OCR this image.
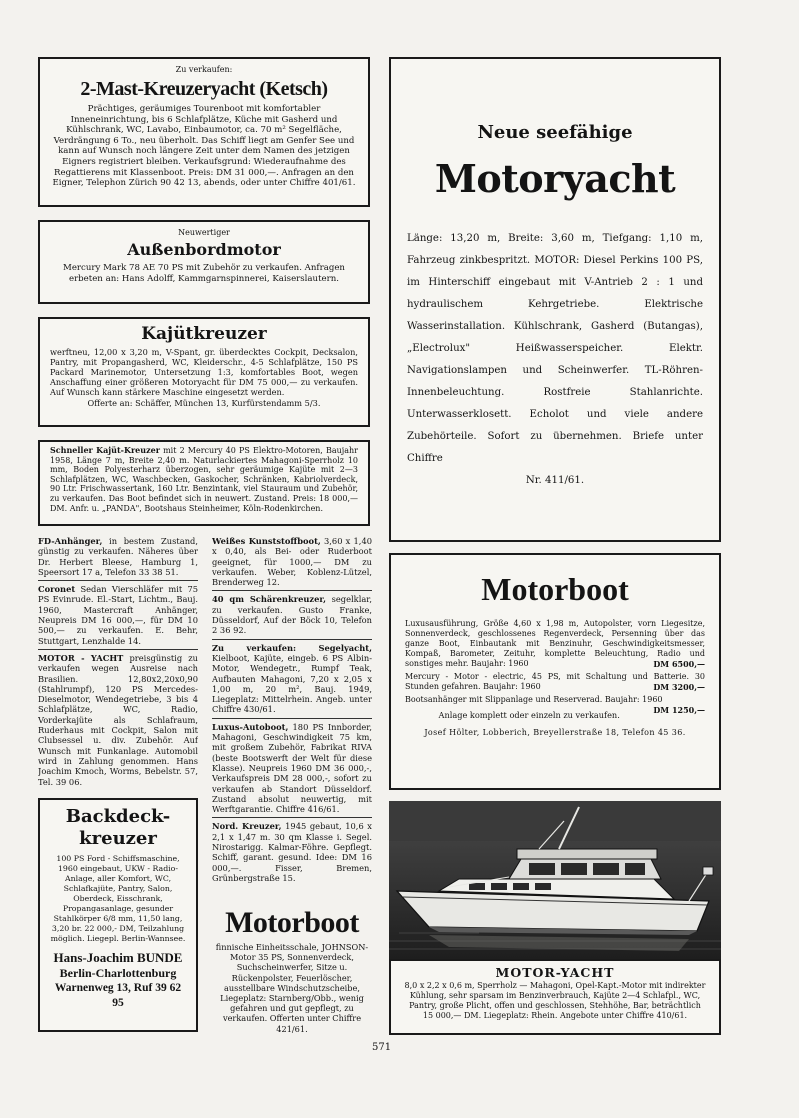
Zu verkaufen:
2-Mast-Kreuzeryacht (Ketsch)
Prächtiges, geräumiges Tourenboot mit komfortabler Inneneinrichtung, bis 6 Schlafplätze, Küche mit Gasherd und Kühlschrank, WC, Lavabo, Einbaumotor, ca. 70 m² Segelfläche, Verdrängung 6 To., neu überholt. Das Schiff liegt am Genfer See und kann auf Wunsch noch längere Zeit unter dem Namen des jetzigen Eigners registriert bleiben. Verkaufsgrund: Wiederaufnahme des Regattierens mit Klassenboot. Preis: DM 31 000,—. Anfragen an den Eigner, Telephon Zürich 90 42 13, abends, oder unter Chiffre 401/61.
Neuwertiger
Außenbordmotor
Mercury Mark 78 AE 70 PS mit Zubehör zu verkaufen. Anfragen erbeten an: Hans Adolff, Kammgarnspinnerei, Kaiserslautern.
Kajütkreuzer
werftneu, 12,00 x 3,20 m, V-Spant, gr. überdecktes Cockpit, Decksalon, Pantry, mit Propangasherd, WC, Kleiderschr., 4-5 Schlafplätze, 150 PS Packard Marinemotor, Untersetzung 1:3, komfortables Boot, wegen Anschaffung einer größeren Motoryacht für DM 75 000,— zu verkaufen. Auf Wunsch kann stärkere Maschine eingesetzt werden.
Offerte an: Schäffer, München 13, Kurfürstendamm 5/3.

Schneller Kajüt-Kreuzer mit 2 Mercury 40 PS Elektro-Motoren, Baujahr 1958, Länge 7 m, Breite 2,40 m. Naturlackiertes Mahagoni-Sperrholz 10 mm, Boden Polyesterharz überzogen, sehr geräumige Kajüte mit 2—3 Schlafplätzen, WC, Waschbecken, Gaskocher, Schränken, Kabriolverdeck, 90 Ltr. Frischwassertank, 160 Ltr. Benzintank, viel Stauraum und Zubehör, zu verkaufen. Das Boot befindet sich in neuwert. Zustand. Preis: 18 000,— DM. Anfr. u. „PANDA", Bootshaus Steinheimer, Köln-Rodenkirchen.

FD-Anhänger, in bestem Zustand, günstig zu verkaufen. Näheres über Dr. Herbert Bleese, Hamburg 1, Speersort 17 a, Telefon 33 38 51.

Coronet Sedan Vierschläfer mit 75 PS Evinrude. El.-Start, Lichtm., Bauj. 1960, Mastercraft Anhänger, Neupreis DM 16 000,—, für DM 10 500,— zu verkaufen. E. Behr, Stuttgart, Lenzhalde 14.

MOTOR - YACHT preisgünstig zu verkaufen wegen Ausreise nach Brasilien. 12,80x2,20x0,90 (Stahlrumpf), 120 PS Mercedes-Dieselmotor, Wendegetriebe, 3 bis 4 Schlafplätze, WC, Radio, Vorderkajüte als Schlafraum, Ruderhaus mit Cockpit, Salon mit Clubsessel u. div. Zubehör. Auf Wunsch mit Funkanlage. Automobil wird in Zahlung genommen. Hans Joachim Kmoch, Worms, Bebelstr. 57, Tel. 39 06.

Backdeck-
kreuzer
100 PS Ford - Schiffsmaschine, 1960 eingebaut, UKW - Radio-Anlage, aller Komfort, WC, Schlafkajüte, Pantry, Salon, Oberdeck, Eisschrank, Propangasanlage, gesunder Stahlkörper 6/8 mm, 11,50 lang, 3,20 br. 22 000,- DM, Teilzahlung möglich. Liegepl. Berlin-Wannsee.
Hans-Joachim BUNDE
Berlin-Charlottenburg
Warnenweg 13, Ruf 39 62 95

Weißes Kunststoffboot, 3,60 x 1,40 x 0,40, als Bei- oder Ruderboot geeignet, für 1000,— DM zu verkaufen. Weber, Koblenz-Lützel, Brenderweg 12.

40 qm Schärenkreuzer, segelklar, zu verkaufen. Gusto Franke, Düsseldorf, Auf der Böck 10, Telefon 2 36 92.

Zu verkaufen: Segelyacht, Kielboot, Kajüte, eingeb. 6 PS Albin-Motor, Wendegetr., Rumpf Teak, Aufbauten Mahagoni, 7,20 x 2,05 x 1,00 m, 20 m², Bauj. 1949, Liegeplatz: Mittelrhein. Angeb. unter Chiffre 430/61.

Luxus-Autoboot, 180 PS Innborder, Mahagoni, Geschwindigkeit 75 km, mit großem Zubehör, Fabrikat RIVA (beste Bootswerft der Welt für diese Klasse). Neupreis 1960 DM 36 000,-, Verkaufspreis DM 28 000,-, sofort zu verkaufen ab Standort Düsseldorf. Zustand absolut neuwertig, mit Werftgarantie. Chiffre 416/61.

Nord. Kreuzer, 1945 gebaut, 10,6 x 2,1 x 1,47 m. 30 qm Klasse i. Segel. Nirostarigg. Kalmar-Föhre. Gepflegt. Schiff, garant. gesund. Idee: DM 16 000,—. Fisser, Bremen, Grünbergstraße 15.

Motorboot

finnische Einheitsschale, JOHNSON-Motor 35 PS, Sonnenverdeck, Suchscheinwerfer, Sitze u. Rückenpolster, Feuerlöscher, ausstellbare Windschutzscheibe, Liegeplatz: Starnberg/Obb., wenig gefahren und gut gepflegt, zu verkaufen. Offerten unter Chiffre 421/61.

Neue seefähige
Motoryacht
Länge: 13,20 m, Breite: 3,60 m, Tiefgang: 1,10 m, Fahrzeug zinkbespritzt. MOTOR: Diesel Perkins 100 PS, im Hinterschiff eingebaut mit V-Antrieb 2 : 1 und hydraulischem Kehrgetriebe. Elektrische Wasserinstallation. Kühlschrank, Gasherd (Butangas), „Electrolux" Heißwasserspeicher. Elektr. Navigationslampen und Scheinwerfer. TL-Röhren-Innenbeleuchtung. Rostfreie Stahlanrichte. Unterwasserklosett. Echolot und viele andere Zubehörteile. Sofort zu übernehmen. Briefe unter Chiffre
Nr. 411/61.
Motorboot

Luxusausführung, Größe 4,60 x 1,98 m, Autopolster, vorn Liegesitze, Sonnenverdeck, geschlossenes Regenverdeck, Persenning über das ganze Boot, Einbautank mit Benzinuhr, Geschwindigkeitsmesser, Kompaß, Barometer, Zeituhr, komplette Beleuchtung, Radio und sonstiges mehr. Baujahr: 1960	DM 6500,—

Mercury - Motor - electric, 45 PS, mit Schaltung und Batterie. 30 Stunden gefahren. Baujahr: 1960	DM 3200,—

Bootsanhänger mit Slippanlage und Reserverad. Baujahr: 1960
DM 1250,—

Anlage komplett oder einzeln zu verkaufen.
Josef Hölter, Lobberich, Breyellerstraße 18, Telefon 45 36.
MOTOR-YACHT

8,0 x 2,2 x 0,6 m, Sperrholz — Mahagoni, Opel-Kapt.-Motor mit indirekter Kühlung, sehr sparsam im Benzinverbrauch, Kajüte 2—4 Schlafpl., WC, Pantry, große Plicht, offen und geschlossen, Stehhöhe, Bar, beträchtlich 15 000,— DM. Liegeplatz: Rhein. Angebote unter Chiffre 410/61.

571
